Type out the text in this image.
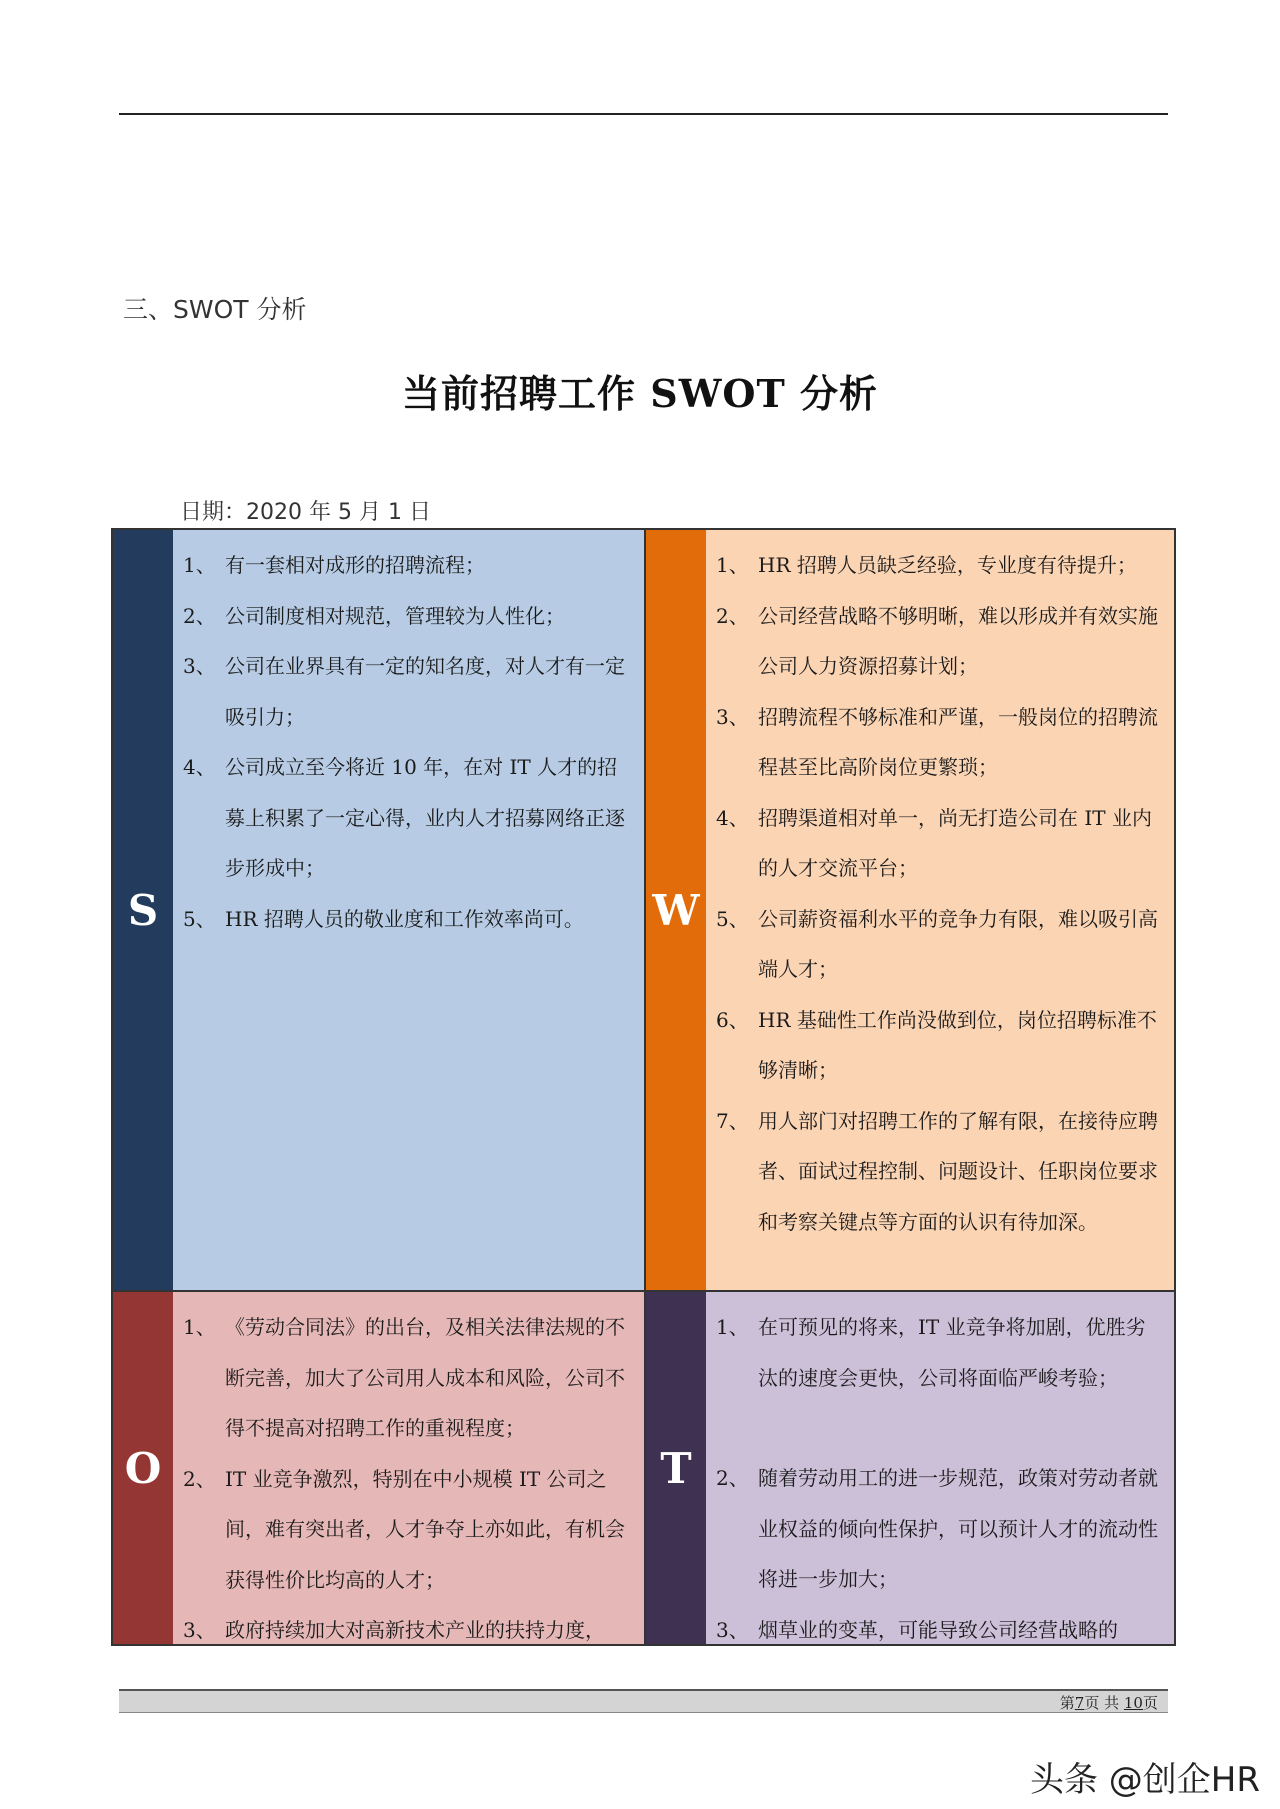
三、SWOT 分析
当前招聘工作 SWOT 分析
日期：2020 年 5 月 1 日
S
1、 有一套相对成形的招聘流程；
2、 公司制度相对规范，管理较为人性化；
3、 公司在业界具有一定的知名度，对人才有一定吸引力；
4、 公司成立至今将近 10 年，在对 IT 人才的招募上积累了一定心得，业内人才招募网络正逐步形成中；
5、 HR 招聘人员的敬业度和工作效率尚可。	W
1、 HR 招聘人员缺乏经验，专业度有待提升；
2、 公司经营战略不够明晰，难以形成并有效实施公司人力资源招募计划；
3、 招聘流程不够标准和严谨，一般岗位的招聘流程甚至比高阶岗位更繁琐；
4、 招聘渠道相对单一，尚无打造公司在 IT 业内的人才交流平台；
5、 公司薪资福利水平的竞争力有限，难以吸引高端人才；
6、 HR 基础性工作尚没做到位，岗位招聘标准不够清晰；
7、 用人部门对招聘工作的了解有限，在接待应聘者、面试过程控制、问题设计、任职岗位要求和考察关键点等方面的认识有待加深。
O
1、 《劳动合同法》的出台，及相关法律法规的不断完善，加大了公司用人成本和风险，公司不得不提高对招聘工作的重视程度；
2、 IT 业竞争激烈，特别在中小规模 IT 公司之间，难有突出者，人才争夺上亦如此，有机会获得性价比均高的人才；
3、 政府持续加大对高新技术产业的扶持力度，
T
1、 在可预见的将来，IT 业竞争将加剧，优胜劣汰的速度会更快，公司将面临严峻考验；
2、 随着劳动用工的进一步规范，政策对劳动者就业权益的倾向性保护，可以预计人才的流动性将进一步加大；
3、 烟草业的变革，可能导致公司经营战略的
第7页 共 10页
头条 @创企HR
